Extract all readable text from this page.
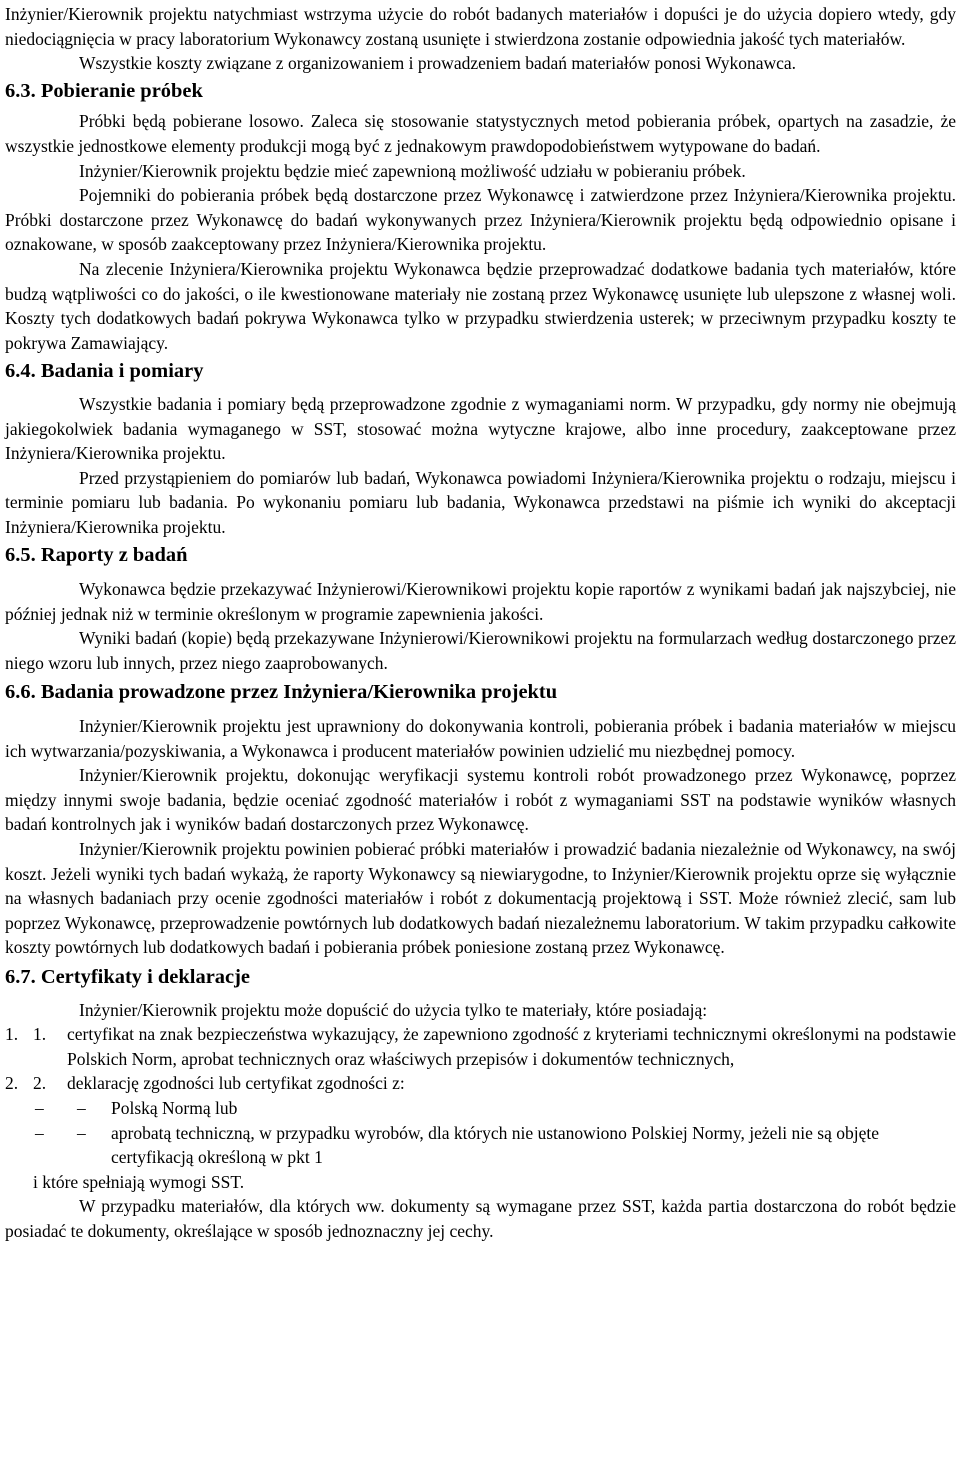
Inżynier/Kierownik projektu natychmiast wstrzyma użycie do robót badanych materiałów i dopuści je do użycia dopiero wtedy, gdy niedociągnięcia w pracy laboratorium Wykonawcy zostaną usunięte i stwierdzona zostanie odpowiednia jakość tych materiałów.

Wszystkie koszty związane z organizowaniem i prowadzeniem badań materiałów ponosi Wykonawca.

6.3. Pobieranie próbek

Próbki będą pobierane losowo. Zaleca się stosowanie statystycznych metod pobierania próbek, opartych na zasadzie, że wszystkie jednostkowe elementy produkcji mogą być z jednakowym prawdopodobieństwem wytypowane do badań.

Inżynier/Kierownik projektu będzie mieć zapewnioną możliwość udziału w pobieraniu próbek.

Pojemniki do pobierania próbek będą dostarczone przez Wykonawcę i zatwierdzone przez Inżyniera/Kierownika projektu. Próbki dostarczone przez Wykonawcę do badań wykonywanych przez Inżyniera/Kierownik projektu będą odpowiednio opisane i oznakowane, w sposób zaakceptowany przez Inżyniera/Kierownika projektu.

Na zlecenie Inżyniera/Kierownika projektu Wykonawca będzie przeprowadzać dodatkowe badania tych materiałów, które budzą wątpliwości co do jakości, o ile kwestionowane materiały nie zostaną przez Wykonawcę usunięte lub ulepszone z własnej woli. Koszty tych dodatkowych badań pokrywa Wykonawca tylko w przypadku stwierdzenia usterek; w przeciwnym przypadku koszty te pokrywa Zamawiający.

6.4. Badania i pomiary

Wszystkie badania i pomiary będą przeprowadzone zgodnie z wymaganiami norm. W przypadku, gdy normy nie obejmują jakiegokolwiek badania wymaganego w SST, stosować można wytyczne krajowe, albo inne procedury, zaakceptowane przez Inżyniera/Kierownika projektu.

Przed przystąpieniem do pomiarów lub badań, Wykonawca powiadomi Inżyniera/Kierownika projektu o rodzaju, miejscu i terminie pomiaru lub badania. Po wykonaniu pomiaru lub badania, Wykonawca przedstawi na piśmie ich wyniki do akceptacji Inżyniera/Kierownika projektu.

6.5. Raporty z badań

Wykonawca będzie przekazywać Inżynierowi/Kierownikowi projektu kopie raportów z wynikami badań jak najszybciej, nie później jednak niż w terminie określonym w programie zapewnienia jakości.

Wyniki badań (kopie) będą przekazywane Inżynierowi/Kierownikowi projektu na formularzach według dostarczonego przez niego wzoru lub innych, przez niego zaaprobowanych.

6.6. Badania prowadzone przez Inżyniera/Kierownika projektu

Inżynier/Kierownik projektu jest uprawniony do dokonywania kontroli, pobierania próbek i badania materiałów w miejscu ich wytwarzania/pozyskiwania, a Wykonawca i producent materiałów powinien udzielić mu niezbędnej pomocy.

Inżynier/Kierownik projektu, dokonując weryfikacji systemu kontroli robót prowadzonego przez Wykonawcę, poprzez między innymi swoje badania, będzie oceniać zgodność materiałów i robót z wymaganiami SST na podstawie wyników własnych badań kontrolnych jak i wyników badań dostarczonych przez Wykonawcę.

Inżynier/Kierownik projektu powinien pobierać próbki materiałów i prowadzić badania niezależnie od Wykonawcy, na swój koszt. Jeżeli wyniki tych badań wykażą, że raporty Wykonawcy są niewiarygodne, to Inżynier/Kierownik projektu oprze się wyłącznie na własnych badaniach przy ocenie zgodności materiałów i robót z dokumentacją projektową i SST. Może również zlecić, sam lub poprzez Wykonawcę, przeprowadzenie powtórnych lub dodatkowych badań niezależnemu laboratorium. W takim przypadku całkowite koszty powtórnych lub dodatkowych badań i pobierania próbek poniesione zostaną przez Wykonawcę.

6.7. Certyfikaty i deklaracje

Inżynier/Kierownik projektu może dopuścić do użycia tylko te materiały, które posiadają:

1. 1.	certyfikat na znak bezpieczeństwa wykazujący, że zapewniono zgodność z kryteriami technicznymi określonymi na podstawie Polskich Norm, aprobat technicznych oraz właściwych przepisów i dokumentów technicznych,
2. 2.	deklarację zgodności lub certyfikat zgodności z:
–	–	Polską Normą lub
–	–	aprobatą techniczną, w przypadku wyrobów, dla których nie ustanowiono Polskiej Normy, jeżeli nie są objęte certyfikacją określoną w pkt 1

i które spełniają wymogi SST.

W przypadku materiałów, dla których ww. dokumenty są wymagane przez SST, każda partia dostarczona do robót będzie posiadać te dokumenty, określające w sposób jednoznaczny jej cechy.
